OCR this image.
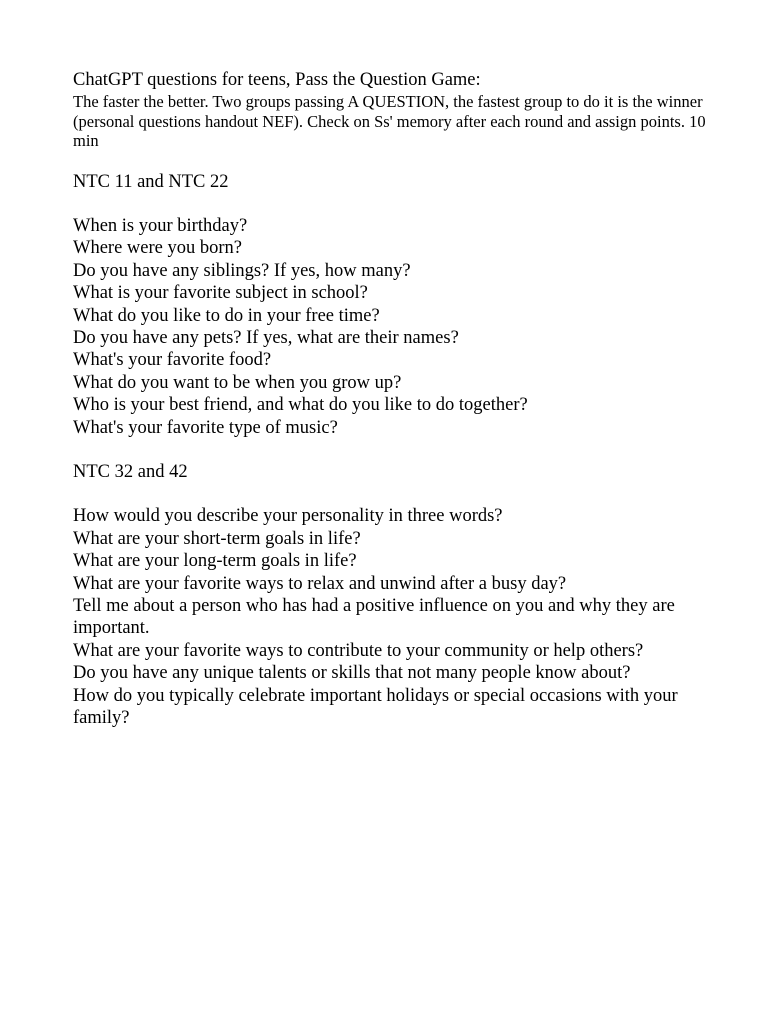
ChatGPT questions for teens, Pass the Question Game:

The faster the better. Two groups passing A QUESTION, the fastest group to do it is the winner (personal questions handout NEF). Check on Ss' memory after each round and assign points. 10 min

NTC 11 and NTC 22
When is your birthday?
Where were you born?
Do you have any siblings? If yes, how many?
What is your favorite subject in school?
What do you like to do in your free time?
Do you have any pets? If yes, what are their names?
What's your favorite food?
What do you want to be when you grow up?
Who is your best friend, and what do you like to do together?
What's your favorite type of music?
NTC 32 and 42
How would you describe your personality in three words?
What are your short-term goals in life?
What are your long-term goals in life?
What are your favorite ways to relax and unwind after a busy day?
Tell me about a person who has had a positive influence on you and why they are important.
What are your favorite ways to contribute to your community or help others?
Do you have any unique talents or skills that not many people know about?
How do you typically celebrate important holidays or special occasions with your family?
